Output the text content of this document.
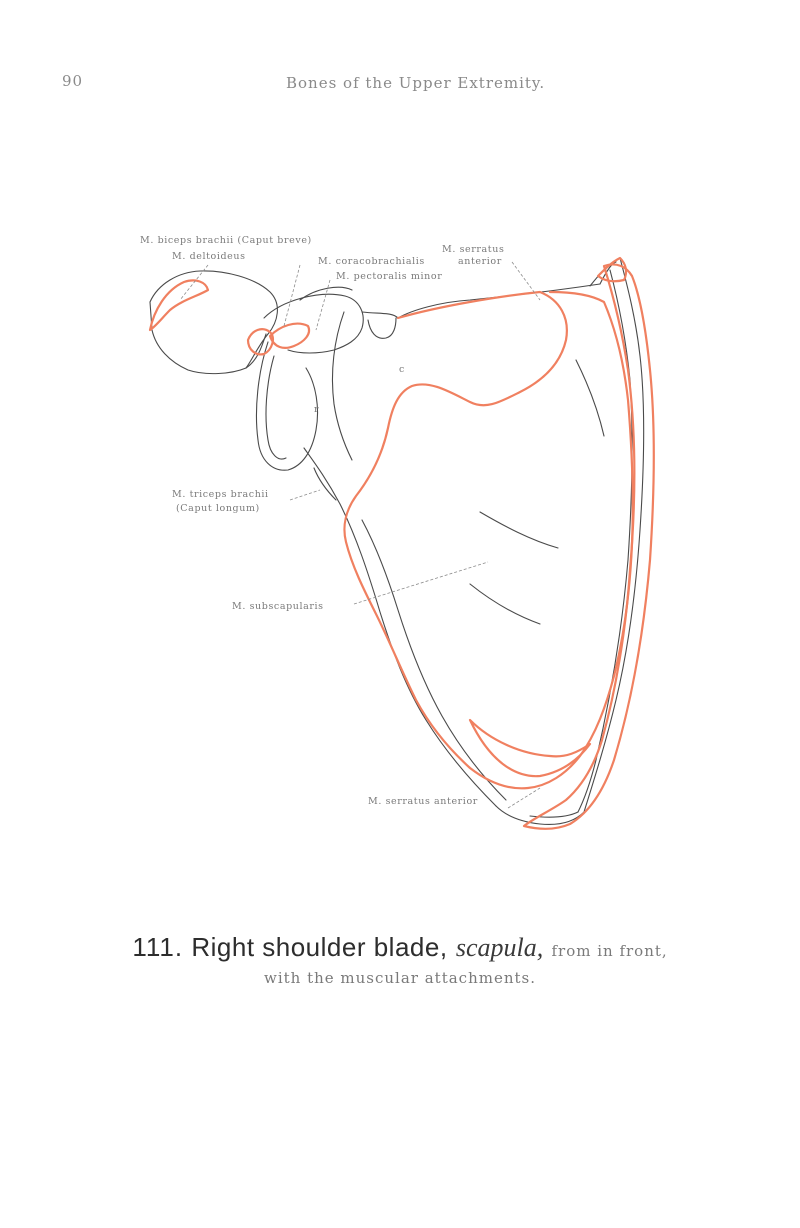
90	Bones of the Upper Extremity.
M. biceps brachii (Caput breve)
M. deltoideus
M. serratus
anterior
M. coracobrachialis
M. pectoralis minor
M. triceps brachii
(Caput longum)
M. subscapularis
M. serratus anterior
c
r
111. Right shoulder blade, scapula, from in front,
with the muscular attachments.
